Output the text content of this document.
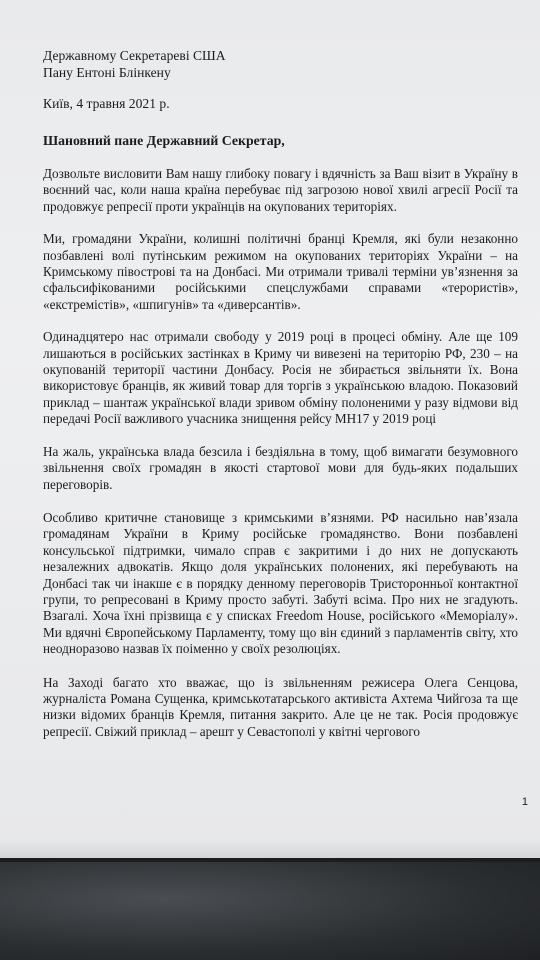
Державному Секретареві США

Пану Ентоні Блінкену

Київ, 4 травня 2021 р.

Шановний пане Державний Секретар,

Дозвольте висловити Вам нашу глибоку повагу і вдячність за Ваш візит в Україну в воєнний час, коли наша країна перебуває під загрозою нової хвилі агресії Росії та продовжує репресії проти українців на окупованих територіях.

Ми, громадяни України, колишні політичні бранці Кремля, які були незаконно позбавлені волі путінським режимом на окупованих територіях України – на Кримському півострові та на Донбасі. Ми отримали тривалі терміни ув’язнення за сфальсифікованими російськими спецслужбами справами «терористів», «екстремістів», «шпигунів» та «диверсантів».

Одинадцятеро нас отримали свободу у 2019 році в процесі обміну. Але ще 109 лишаються в російських застінках в Криму чи вивезені на територію РФ, 230 – на окупованій території частини Донбасу. Росія не збирається звільняти їх. Вона використовує бранців, як живий товар для торгів з українською владою. Показовий приклад – шантаж української влади зривом обміну полоненими у разу відмови від передачі Росії важливого учасника знищення рейсу МН17 у 2019 році

На жаль, українська влада безсила і бездіяльна в тому, щоб вимагати безумовного звільнення своїх громадян в якості стартової мови для будь-яких подальших переговорів.

Особливо критичне становище з кримськими в’язнями. РФ насильно нав’язала громадянам України в Криму російське громадянство. Вони позбавлені консульської підтримки, чимало справ є закритими і до них не допускають незалежних адвокатів. Якщо доля українських полонених, які перебувають на Донбасі так чи інакше є в порядку денному переговорів Тристоронньої контактної групи, то репресовані в Криму просто забуті. Забуті всіма. Про них не згадують. Взагалі. Хоча їхні прізвища є у списках Freedom House, російського «Меморіалу». Ми вдячні Європейському Парламенту, тому що він єдиний з парламентів світу, хто неодноразово назвав їх поіменно у своїх резолюціях.

На Заході багато хто вважає, що із звільненням режисера Олега Сенцова, журналіста Романа Сущенка, кримськотатарського активіста Ахтема Чийгоза та ще низки відомих бранців Кремля, питання закрито. Але це не так. Росія продовжує репресії. Свіжий приклад – арешт у Севастополі у квітні чергового

1
